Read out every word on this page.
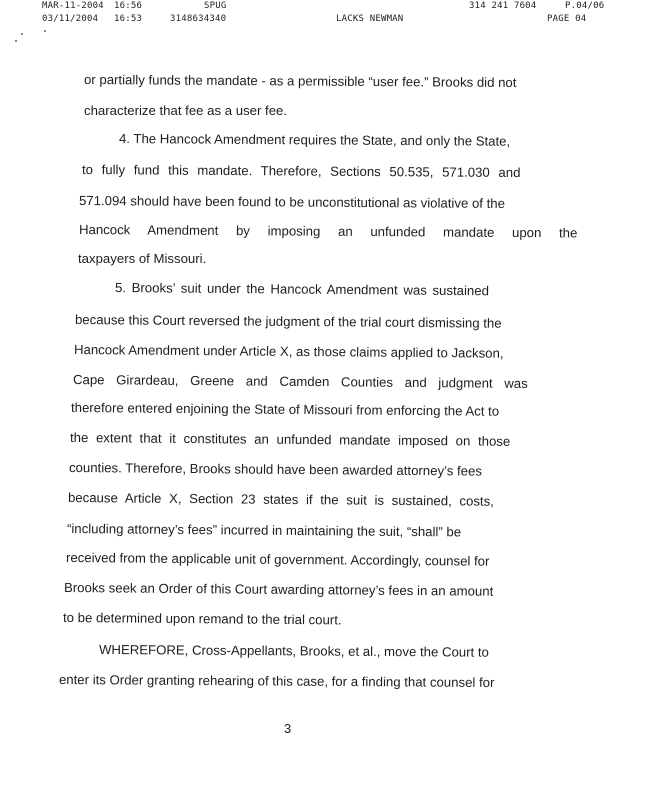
MAR-11-2004 16:56	SPUG	314 241 7604	P.04/06
03/11/2004 16:53	3148634340	LACKS NEWMAN	PAGE 04
or partially funds the mandate - as a permissible “user fee.” Brooks did not
characterize that fee as a user fee.
4. The Hancock Amendment requires the State, and only the State,
to fully fund this mandate. Therefore, Sections 50.535, 571.030 and
571.094 should have been found to be unconstitutional as violative of the
Hancock Amendment by imposing an unfunded mandate upon the
taxpayers of Missouri.
5. Brooks’ suit under the Hancock Amendment was sustained
because this Court reversed the judgment of the trial court dismissing the
Hancock Amendment under Article X, as those claims applied to Jackson,
Cape Girardeau, Greene and Camden Counties and judgment was
therefore entered enjoining the State of Missouri from enforcing the Act to
the extent that it constitutes an unfunded mandate imposed on those
counties. Therefore, Brooks should have been awarded attorney’s fees
because Article X, Section 23 states if the suit is sustained, costs,
“including attorney’s fees” incurred in maintaining the suit, “shall” be
received from the applicable unit of government. Accordingly, counsel for
Brooks seek an Order of this Court awarding attorney’s fees in an amount
to be determined upon remand to the trial court.
WHEREFORE, Cross-Appellants, Brooks, et al., move the Court to
enter its Order granting rehearing of this case, for a finding that counsel for
3
